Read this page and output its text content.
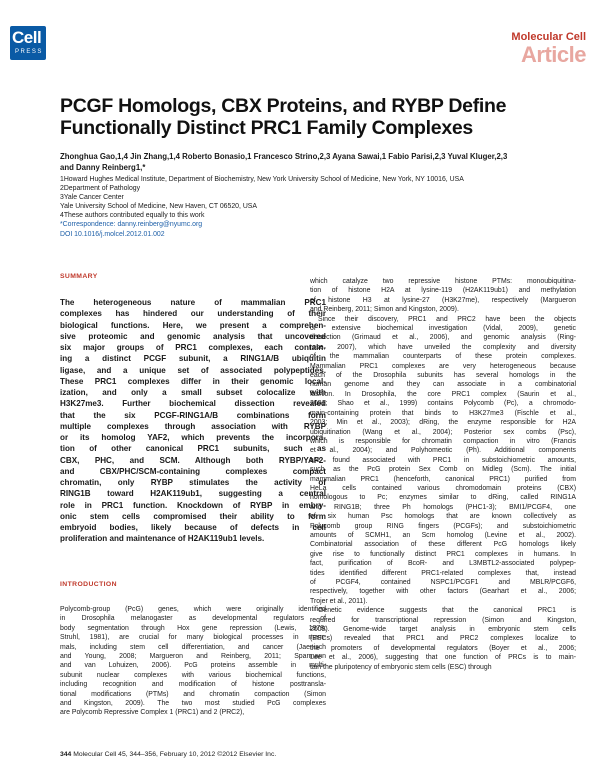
Cell
PRESS
Molecular Cell
Article
PCGF Homologs, CBX Proteins, and RYBP Define
Functionally Distinct PRC1 Family Complexes
Zhonghua Gao,1,4 Jin Zhang,1,4 Roberto Bonasio,1 Francesco Strino,2,3 Ayana Sawai,1 Fabio Parisi,2,3 Yuval Kluger,2,3
and Danny Reinberg1,*
1Howard Hughes Medical Institute, Department of Biochemistry, New York University School of Medicine, New York, NY 10016, USA
2Department of Pathology
3Yale Cancer Center
Yale University School of Medicine, New Haven, CT 06520, USA
4These authors contributed equally to this work
*Correspondence: danny.reinberg@nyumc.org
DOI 10.1016/j.molcel.2012.01.002
SUMMARY
The heterogeneous nature of mammalian PRC1
complexes has hindered our understanding of their
biological functions. Here, we present a comprehen-
sive proteomic and genomic analysis that uncovered
six major groups of PRC1 complexes, each contain-
ing a distinct PCGF subunit, a RING1A/B ubiquitin
ligase, and a unique set of associated polypeptides.
These PRC1 complexes differ in their genomic local-
ization, and only a small subset colocalize with
H3K27me3. Further biochemical dissection revealed
that the six PCGF-RING1A/B combinations form
multiple complexes through association with RYBP
or its homolog YAF2, which prevents the incorpora-
tion of other canonical PRC1 subunits, such as
CBX, PHC, and SCM. Although both RYBP/YAF2-
and CBX/PHC/SCM-containing complexes compact
chromatin, only RYBP stimulates the activity of
RING1B toward H2AK119ub1, suggesting a central
role in PRC1 function. Knockdown of RYBP in embry-
onic stem cells compromised their ability to form
embryoid bodies, likely because of defects in cell
proliferation and maintenance of H2AK119ub1 levels.
INTRODUCTION
Polycomb-group (PcG) genes, which were originally identified
in Drosophila melanogaster as developmental regulators of
body segmentation through Hox gene repression (Lewis, 1978;
Struhl, 1981), are crucial for many biological processes in mam-
mals, including stem cell differentiation, and cancer (Jaenisch
and Young, 2008; Margueron and Reinberg, 2011; Sparmann
and van Lohuizen, 2006). PcG proteins assemble in multi-
subunit nuclear complexes with various biochemical functions,
including recognition and modification of histone posttransla-
tional modifications (PTMs) and chromatin compaction (Simon
and Kingston, 2009). The two most studied PcG complexes
are Polycomb Repressive Complex 1 (PRC1) and 2 (PRC2),
which catalyze two repressive histone PTMs: monoubiquitina-
tion of histone H2A at lysine-119 (H2AK119ub1) and methylation
of histone H3 at lysine-27 (H3K27me), respectively (Margueron
and Reinberg, 2011; Simon and Kingston, 2009).
Since their discovery, PRC1 and PRC2 have been the objects
of extensive biochemical investigation (Vidal, 2009), genetic
dissection (Grimaud et al., 2006), and genomic analysis (Ring-
rose, 2007), which have unveiled the complexity and diversity
of the mammalian counterparts of these protein complexes.
Mammalian PRC1 complexes are very heterogeneous because
each of the Drosophila subunits has several homologs in the
human genome and they can associate in a combinatorial
fashion. In Drosophila, the core PRC1 complex (Saurin et al.,
2001; Shao et al., 1999) contains Polycomb (Pc), a chromodo-
main-containing protein that binds to H3K27me3 (Fischle et al.,
2003; Min et al., 2003); dRing, the enzyme responsible for H2A
ubiquitination (Wang et al., 2004); Posterior sex combs (Psc),
which is responsible for chromatin compaction in vitro (Francis
et al., 2004); and Polyhomeotic (Ph). Additional components
are found associated with PRC1 in substoichiometric amounts,
such as the PcG protein Sex Comb on Midleg (Scm). The initial
mammalian PRC1 (henceforth, canonical PRC1) purified from
HeLa cells contained various chromodomain proteins (CBX)
homologous to Pc; enzymes similar to dRing, called RING1A
and RING1B; three Ph homologs (PHC1-3); BMI1/PCGF4, one
of six human Psc homologs that are known collectively as
Polycomb group RING fingers (PCGFs); and substoichiometric
amounts of SCMH1, an Scm homolog (Levine et al., 2002).
Combinatorial association of these different PcG homologs likely
give rise to functionally distinct PRC1 complexes in humans. In
fact, purification of BcoR- and L3MBTL2-associated polypep-
tides identified different PRC1-related complexes that, instead
of PCGF4, contained NSPC1/PCGF1 and MBLR/PCGF6,
respectively, together with other factors (Gearhart et al., 2006;
Trojer et al., 2011).
Genetic evidence suggests that the canonical PRC1 is
required for transcriptional repression (Simon and Kingston,
2009). Genome-wide target analysis in embryonic stem cells
(ESCs) revealed that PRC1 and PRC2 complexes localize to
the promoters of developmental regulators (Boyer et al., 2006;
Lee et al., 2006), suggesting that one function of PRCs is to main-
tain the pluripotency of embryonic stem cells (ESC) through
344 Molecular Cell 45, 344–356, February 10, 2012 ©2012 Elsevier Inc.
